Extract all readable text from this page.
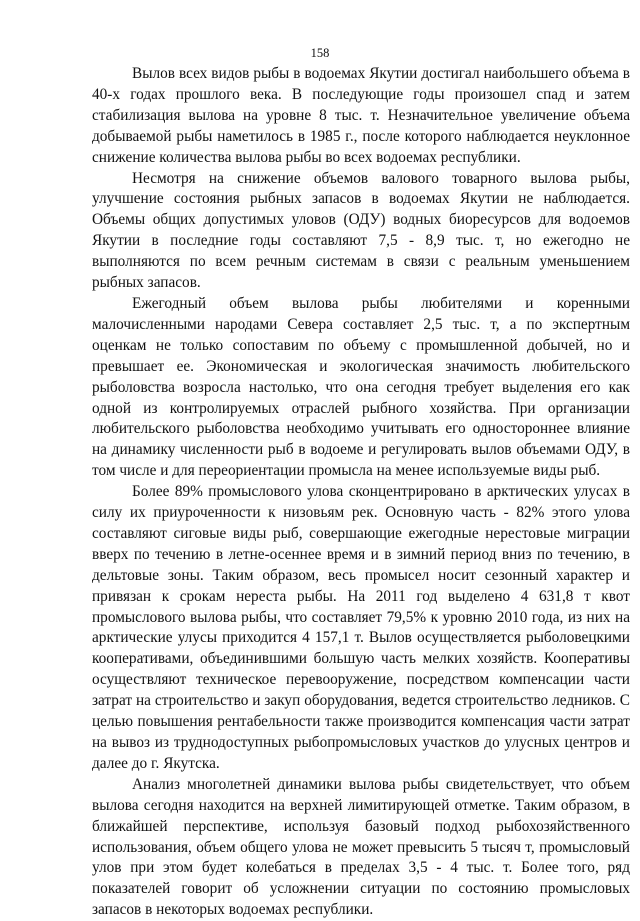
158

Вылов всех видов рыбы в водоемах Якутии достигал наибольшего объема в 40-х годах прошлого века. В последующие годы произошел спад и затем стабилизация вылова на уровне 8 тыс. т. Незначительное увеличение объема добываемой рыбы наметилось в 1985 г., после которого наблюдается неуклонное снижение количества вылова рыбы во всех водоемах республики.

Несмотря на снижение объемов валового товарного вылова рыбы, улучшение состояния рыбных запасов в водоемах Якутии не наблюдается. Объемы общих допустимых уловов (ОДУ) водных биоресурсов для водоемов Якутии в последние годы составляют 7,5 - 8,9 тыс. т, но ежегодно не выполняются по всем речным системам в связи с реальным уменьшением рыбных запасов.

Ежегодный объем вылова рыбы любителями и коренными малочисленными народами Севера составляет 2,5 тыс. т, а по экспертным оценкам не только сопоставим по объему с промышленной добычей, но и превышает ее. Экономическая и экологическая значимость любительского рыболовства возросла настолько, что она сегодня требует выделения его как одной из контролируемых отраслей рыбного хозяйства. При организации любительского рыболовства необходимо учитывать его одностороннее влияние на динамику численности рыб в водоеме и регулировать вылов объемами ОДУ, в том числе и для переориентации промысла на менее используемые виды рыб.

Более 89% промыслового улова сконцентрировано в арктических улусах в силу их приуроченности к низовьям рек. Основную часть - 82% этого улова составляют сиговые виды рыб, совершающие ежегодные нерестовые миграции вверх по течению в летне-осеннее время и в зимний период вниз по течению, в дельтовые зоны. Таким образом, весь промысел носит сезонный характер и привязан к срокам нереста рыбы. На 2011 год выделено 4 631,8 т квот промыслового вылова рыбы, что составляет 79,5% к уровню 2010 года, из них на арктические улусы приходится 4 157,1 т. Вылов осуществляется рыболовецкими кооперативами, объединившими большую часть мелких хозяйств. Кооперативы осуществляют техническое перевооружение, посредством компенсации части затрат на строительство и закуп оборудования, ведется строительство ледников. С целью повышения рентабельности также производится компенсация части затрат на вывоз из труднодоступных рыбопромысловых участков до улусных центров и далее до г. Якутска.

Анализ многолетней динамики вылова рыбы свидетельствует, что объем вылова сегодня находится на верхней лимитирующей отметке. Таким образом, в ближайшей перспективе, используя базовый подход рыбохозяйственного использования, объем общего улова не может превысить 5 тысяч т, промысловый улов при этом будет колебаться в пределах 3,5 - 4 тыс. т. Более того, ряд показателей говорит об усложнении ситуации по состоянию промысловых запасов в некоторых водоемах республики.
